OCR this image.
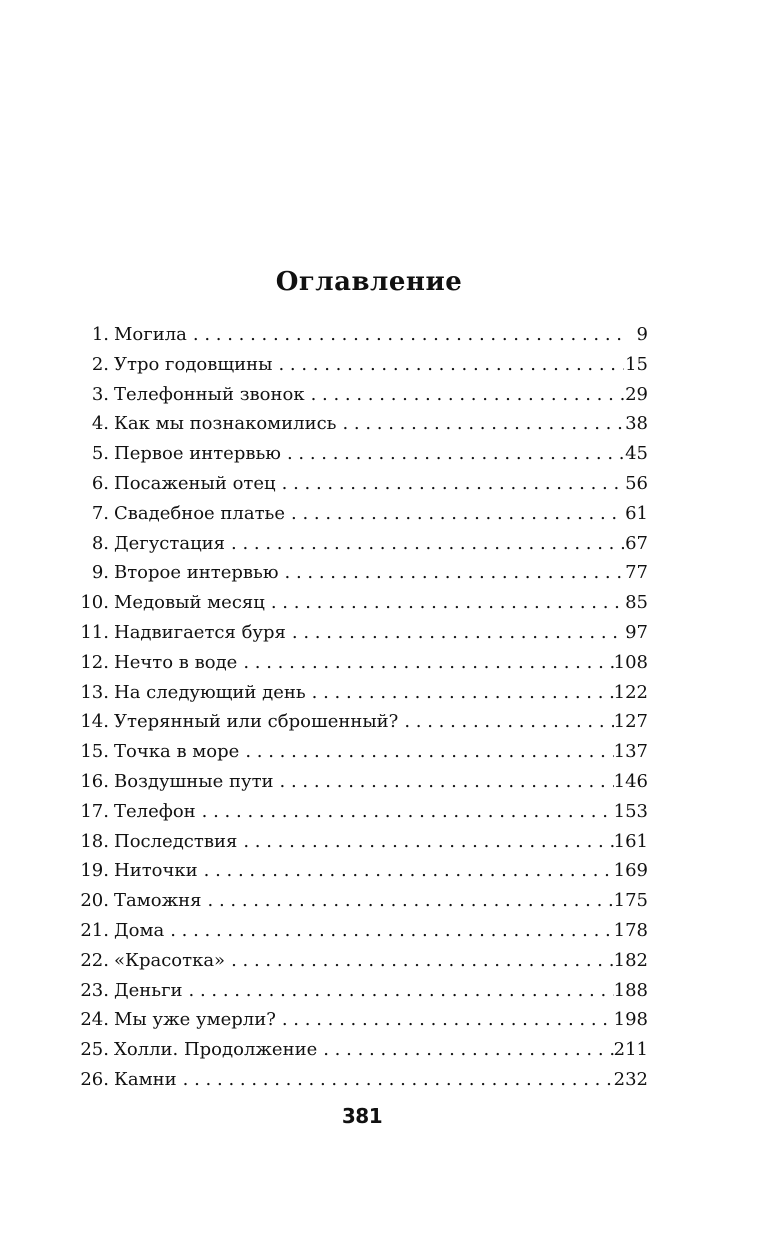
Оглавление
1. Могила . . .	9
2. Утро годовщины . . .	15
3. Телефонный звонок . . .	29
4. Как мы познакомились . . .	38
5. Первое интервью . . .	45
6. Посаженый отец . . .	56
7. Свадебное платье . . .	61
8. Дегустация . . .	67
9. Второе интервью . . .	77
10. Медовый месяц . . .	85
11. Надвигается буря . . .	97
12. Нечто в воде . . .	108
13. На следующий день . . .	122
14. Утерянный или сброшенный? . . .	127
15. Точка в море . . .	137
16. Воздушные пути . . .	146
17. Телефон . . .	153
18. Последствия . . .	161
19. Ниточки . . .	169
20. Таможня . . .	175
21. Дома . . .	178
22. «Красотка» . . .	182
23. Деньги . . .	188
24. Мы уже умерли? . . .	198
25. Холли. Продолжение . . .	211
26. Камни . . .	232
381
